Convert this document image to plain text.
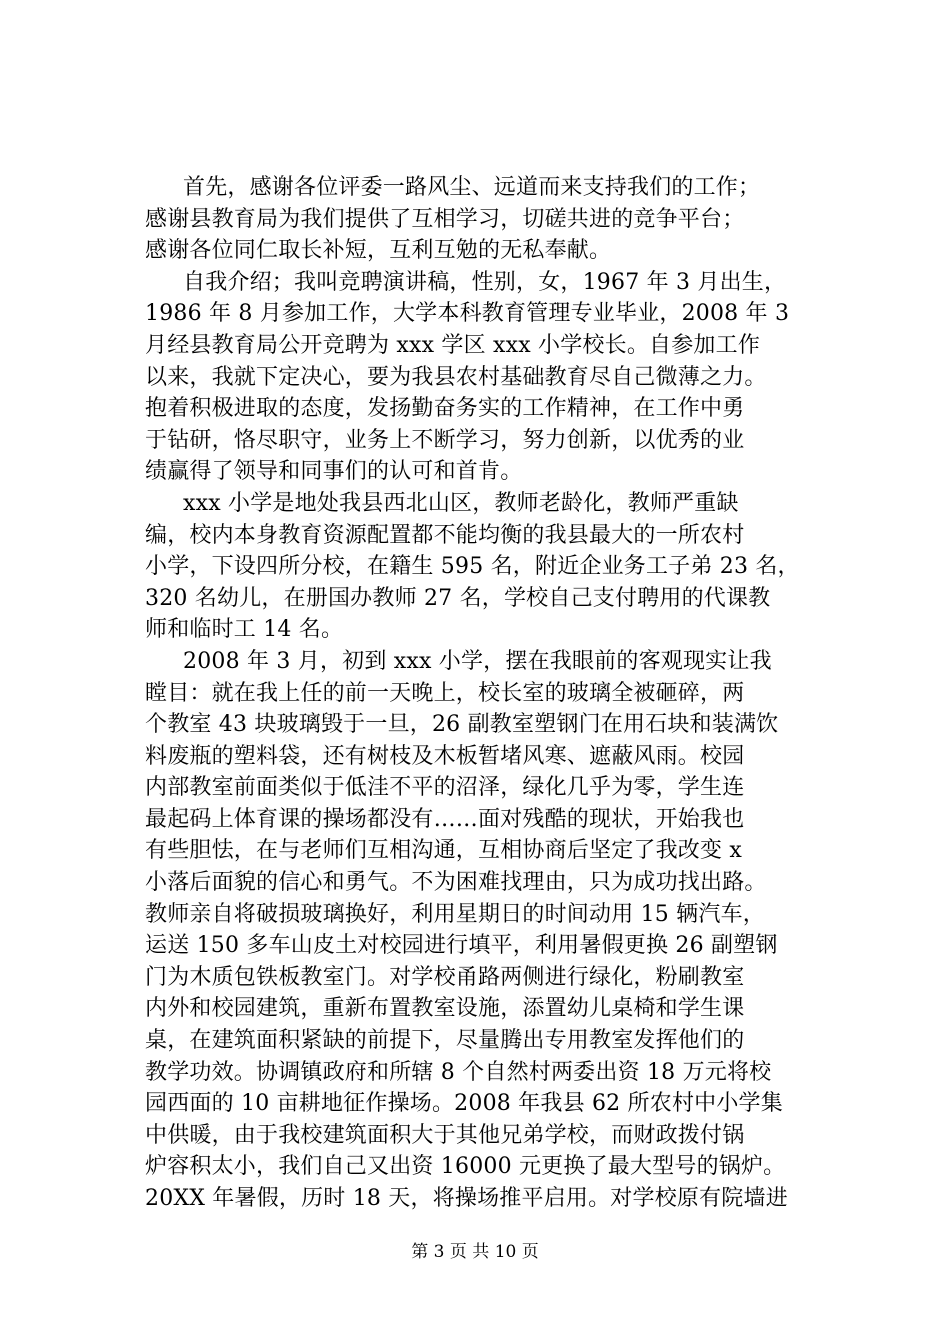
首先，感谢各位评委一路风尘、远道而来支持我们的工作；
感谢县教育局为我们提供了互相学习，切磋共进的竞争平台；
感谢各位同仁取长补短，互利互勉的无私奉献。
自我介绍；我叫竞聘演讲稿，性别，女，1967 年 3 月出生，
1986 年 8 月参加工作，大学本科教育管理专业毕业，2008 年 3
月经县教育局公开竞聘为 xxx 学区 xxx 小学校长。自参加工作
以来，我就下定决心，要为我县农村基础教育尽自己微薄之力。
抱着积极进取的态度，发扬勤奋务实的工作精神，在工作中勇
于钻研，恪尽职守，业务上不断学习，努力创新，以优秀的业
绩赢得了领导和同事们的认可和首肯。
xxx 小学是地处我县西北山区，教师老龄化，教师严重缺
编，校内本身教育资源配置都不能均衡的我县最大的一所农村
小学，下设四所分校，在籍生 595 名，附近企业务工子弟 23 名，
320 名幼儿，在册国办教师 27 名，学校自己支付聘用的代课教
师和临时工 14 名。
2008 年 3 月，初到 xxx 小学，摆在我眼前的客观现实让我
瞠目：就在我上任的前一天晚上，校长室的玻璃全被砸碎，两
个教室 43 块玻璃毁于一旦，26 副教室塑钢门在用石块和装满饮
料废瓶的塑料袋，还有树枝及木板暂堵风寒、遮蔽风雨。校园
内部教室前面类似于低洼不平的沼泽，绿化几乎为零，学生连
最起码上体育课的操场都没有……面对残酷的现状，开始我也
有些胆怯，在与老师们互相沟通，互相协商后坚定了我改变 x
小落后面貌的信心和勇气。不为困难找理由，只为成功找出路。
教师亲自将破损玻璃换好，利用星期日的时间动用 15 辆汽车，
运送 150 多车山皮土对校园进行填平，利用暑假更换 26 副塑钢
门为木质包铁板教室门。对学校甬路两侧进行绿化，粉刷教室
内外和校园建筑，重新布置教室设施，添置幼儿桌椅和学生课
桌，在建筑面积紧缺的前提下，尽量腾出专用教室发挥他们的
教学功效。协调镇政府和所辖 8 个自然村两委出资 18 万元将校
园西面的 10 亩耕地征作操场。2008 年我县 62 所农村中小学集
中供暖，由于我校建筑面积大于其他兄弟学校，而财政拨付锅
炉容积太小，我们自己又出资 16000 元更换了最大型号的锅炉。
20XX 年暑假，历时 18 天，将操场推平启用。对学校原有院墙进
第 3 页 共 10 页
